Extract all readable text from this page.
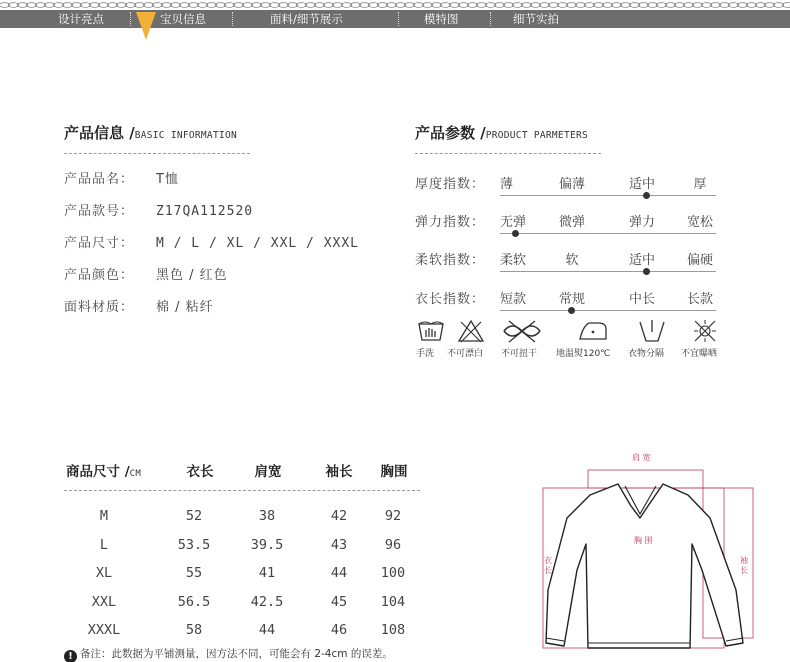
设计亮点	宝贝信息	面料/细节展示	模特图	细节实拍
产品信息 /BASIC INFORMATION
产品品名： T恤
产品款号： Z17QA112520
产品尺寸： M / L / XL / XXL / XXXL
产品颜色： 黑色 / 红色
面料材质： 棉 / 粘纤
产品参数 /PRODUCT PARMETERS
厚度指数： 薄	偏薄	适中	厚
弹力指数： 无弹	微弹	弹力	宽松
柔软指数： 柔软	软	适中	偏硬
衣长指数： 短款	常规	中长	长款
手洗 不可漂白 不可扭干 地温熨120℃ 衣物分隔 不宜曝晒
商品尺寸 /CM	衣长	肩宽	袖长	胸围
M	52	38	42	92
L	53.5	39.5	43	96
XL	55	41	44	100
XXL	56.5	42.5	45	104
XXXL	58	44	46	108
! 备注：此数据为平铺测量，因方法不同，可能会有 2-4cm 的误差。
肩 宽
胸 围
衣
长
袖
长
